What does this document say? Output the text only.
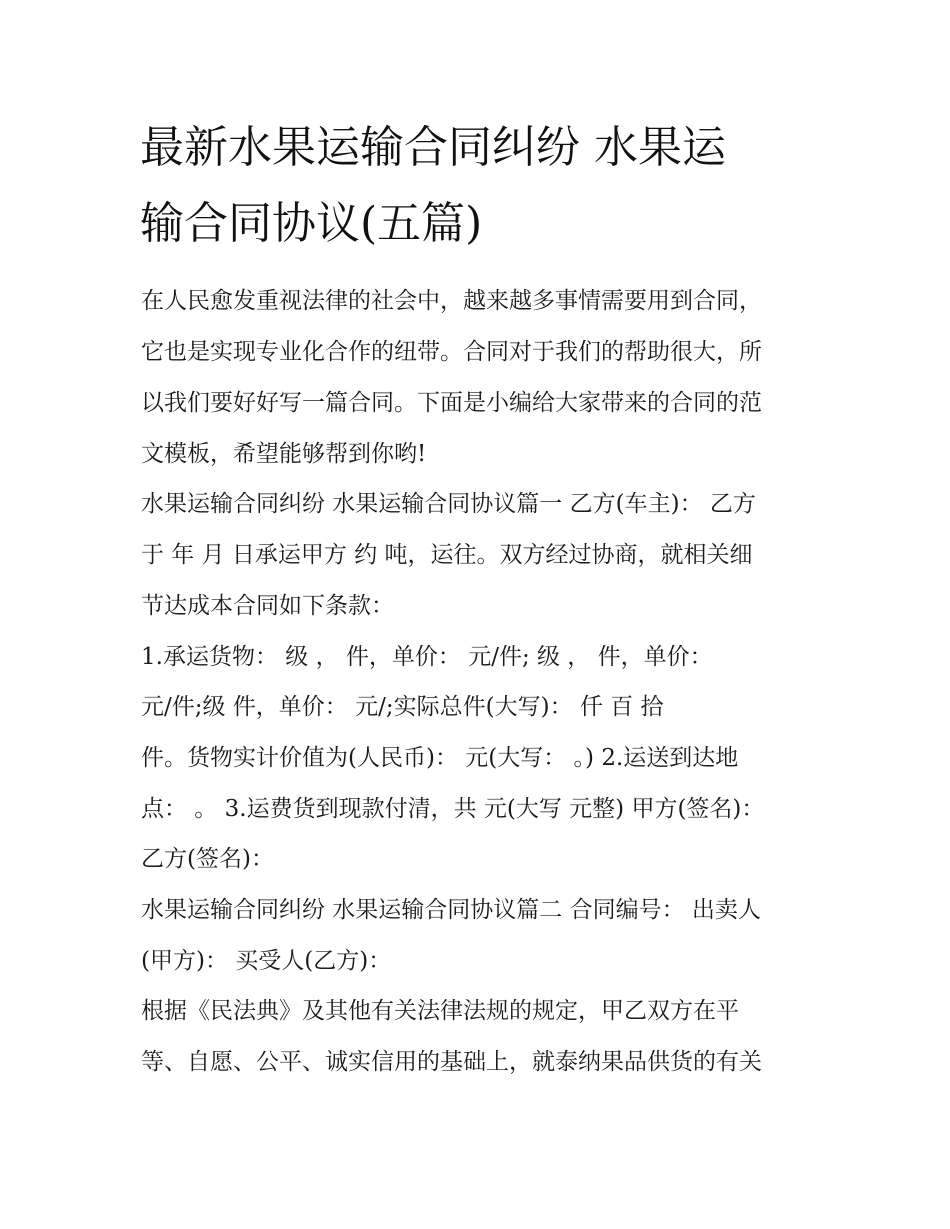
最新水果运输合同纠纷 水果运
输合同协议(五篇)

在人民愈发重视法律的社会中，越来越多事情需要用到合同，

它也是实现专业化合作的纽带。合同对于我们的帮助很大，所

以我们要好好写一篇合同。下面是小编给大家带来的合同的范

文模板，希望能够帮到你哟!

水果运输合同纠纷 水果运输合同协议篇一 乙方(车主)： 乙方

于 年 月 日承运甲方 约 吨，运往。双方经过协商，就相关细

节达成本合同如下条款：

1.承运货物： 级 ， 件，单价： 元/件; 级 ， 件，单价：

元/件;级 件，单价： 元/;实际总件(大写)： 仟 百 拾

件。货物实计价值为(人民币)： 元(大写： 。) 2.运送到达地

点： 。 3.运费货到现款付清，共 元(大写 元整) 甲方(签名)：

乙方(签名)：

水果运输合同纠纷 水果运输合同协议篇二 合同编号： 出卖人

(甲方)： 买受人(乙方)：

根据《民法典》及其他有关法律法规的规定，甲乙双方在平

等、自愿、公平、诚实信用的基础上，就泰纳果品供货的有关
